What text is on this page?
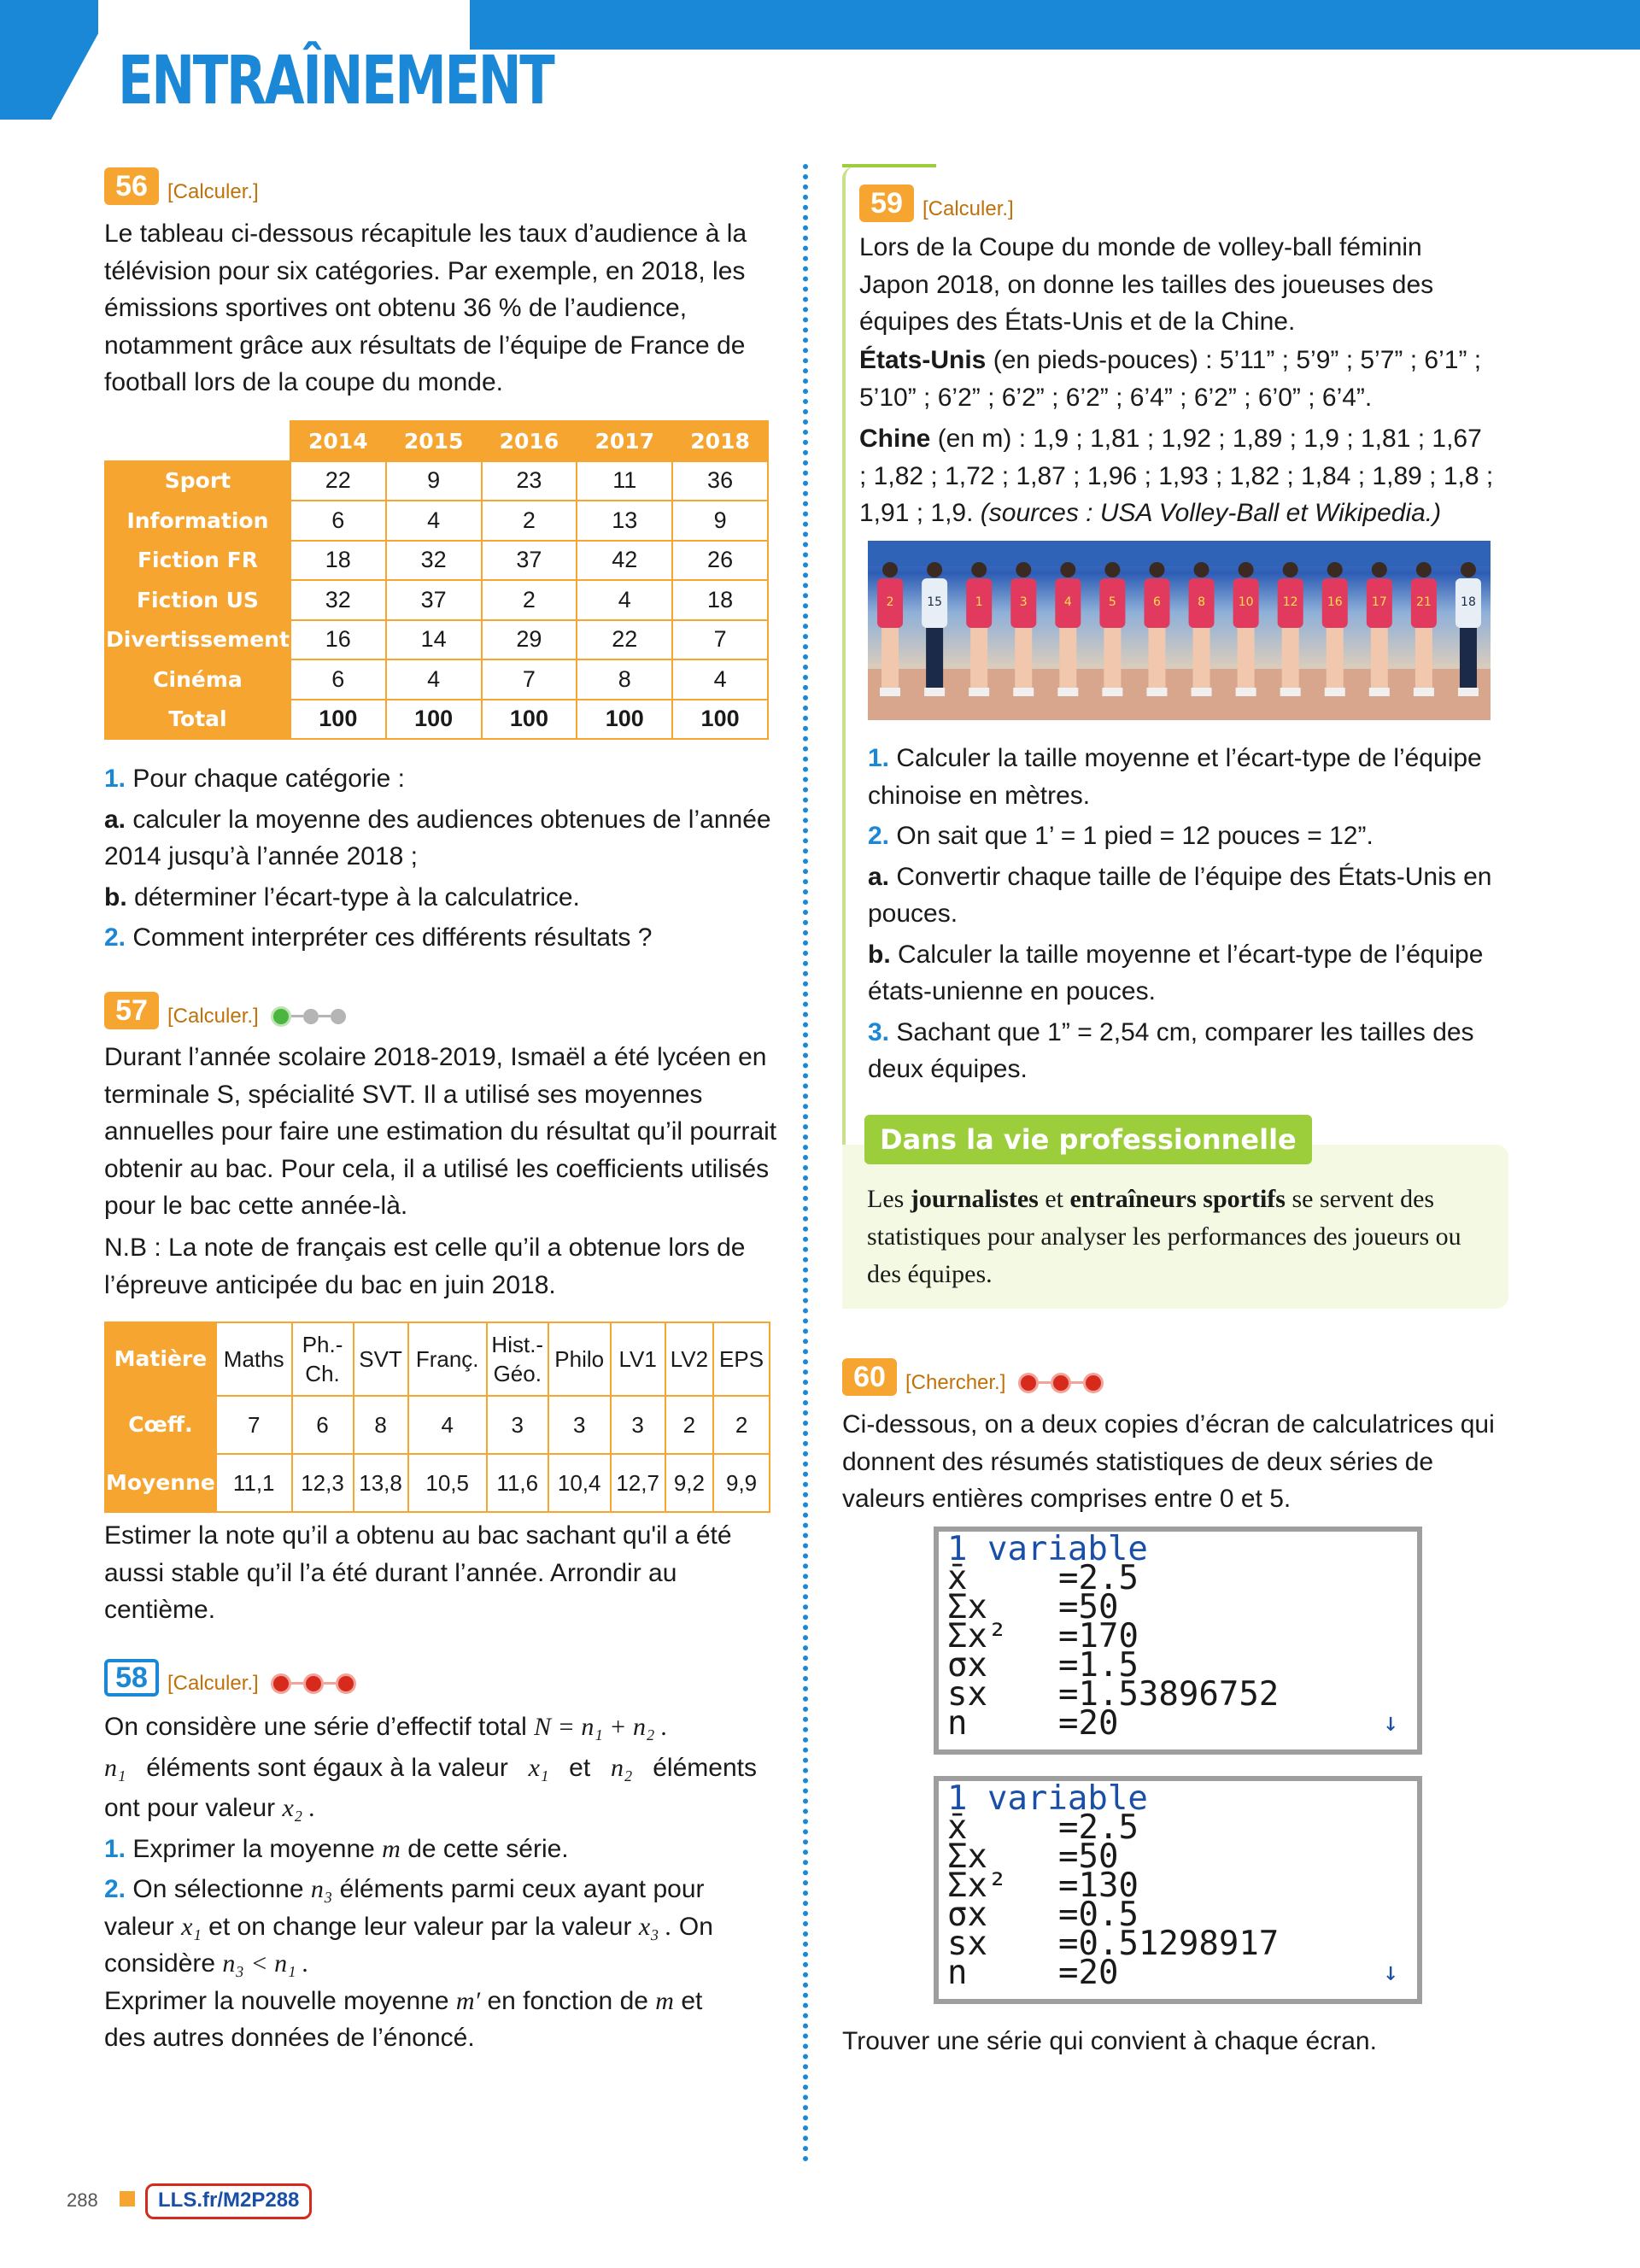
ENTRAÎNEMENT
56 [Calculer.]
Le tableau ci-dessous récapitule les taux d’audience à la télévision pour six catégories. Par exemple, en 2018, les émissions sportives ont obtenu 36 % de l’audience, notamment grâce aux résultats de l’équipe de France de football lors de la coupe du monde.
	2014	2015	2016	2017	2018
Sport	22	9	23	11	36
Information	6	4	2	13	9
Fiction FR	18	32	37	42	26
Fiction US	32	37	2	4	18
Divertissement	16	14	29	22	7
Cinéma	6	4	7	8	4
Total	100	100	100	100	100
1. Pour chaque catégorie :
a. calculer la moyenne des audiences obtenues de l’année 2014 jusqu’à l’année 2018 ;
b. déterminer l’écart-type à la calculatrice.
2. Comment interpréter ces différents résultats ?
57 [Calculer.]
Durant l’année scolaire 2018-2019, Ismaël a été lycéen en terminale S, spécialité SVT. Il a utilisé ses moyennes annuelles pour faire une estimation du résultat qu’il pourrait obtenir au bac. Pour cela, il a utilisé les coefficients utilisés pour le bac cette année-là.
N.B : La note de français est celle qu’il a obtenue lors de l’épreuve anticipée du bac en juin 2018.
Matière	Maths	Ph.-Ch.	SVT	Franç.	Hist.-Géo.	Philo	LV1	LV2	EPS
Cœff.	7	6	8	4	3	3	3	2	2
Moyenne	11,1	12,3	13,8	10,5	11,6	10,4	12,7	9,2	9,9
Estimer la note qu’il a obtenu au bac sachant qu'il a été aussi stable qu’il l’a été durant l’année. Arrondir au centième.
58 [Calculer.]
On considère une série d’effectif total N = n₁ + n₂ .
n₁ éléments sont égaux à la valeur x₁ et n₂ éléments
ont pour valeur x₂ .
1. Exprimer la moyenne m de cette série.
2. On sélectionne n₃ éléments parmi ceux ayant pour
valeur x₁ et on change leur valeur par la valeur x₃ . On
considère n₃ < n₁ .
Exprimer la nouvelle moyenne m′ en fonction de m et
des autres données de l’énoncé.
59 [Calculer.]
Lors de la Coupe du monde de volley-ball féminin Japon 2018, on donne les tailles des joueuses des équipes des États-Unis et de la Chine.
États-Unis (en pieds-pouces) : 5’11” ; 5’9” ; 5’7” ; 6’1” ; 5’10” ; 6’2” ; 6’2” ; 6’2” ; 6’4” ; 6’2” ; 6’0” ; 6’4”.
Chine (en m) : 1,9 ; 1,81 ; 1,92 ; 1,89 ; 1,9 ; 1,81 ; 1,67 ; 1,82 ; 1,72 ; 1,87 ; 1,96 ; 1,93 ; 1,82 ; 1,84 ; 1,89 ; 1,8 ; 1,91 ; 1,9. (sources : USA Volley-Ball et Wikipedia.)
2	15	1	3	4	5	6	8	10 12 16 17 21 18
1. Calculer la taille moyenne et l’écart-type de l’équipe chinoise en mètres.
2. On sait que 1’ = 1 pied = 12 pouces = 12”.
a. Convertir chaque taille de l’équipe des États-Unis en pouces.
b. Calculer la taille moyenne et l’écart-type de l’équipe états-unienne en pouces.
3. Sachant que 1” = 2,54 cm, comparer les tailles des deux équipes.
Dans la vie professionnelle
Les journalistes et entraîneurs sportifs se servent des statistiques pour analyser les performances des joueurs ou des équipes.
60 [Chercher.]
Ci-dessous, on a deux copies d’écran de calculatrices qui donnent des résumés statistiques de deux séries de valeurs entières comprises entre 0 et 5.
1 variable
x̄	=2.5
Σx	=50
Σx²	=170
σx	=1.5
sx	=1.53896752
n	=20	↓
1 variable
x̄	=2.5
Σx	=50
Σx²	=130
σx	=0.5
sx	=0.51298917
n	=20	↓
Trouver une série qui convient à chaque écran.
288	LLS.fr/M2P288
